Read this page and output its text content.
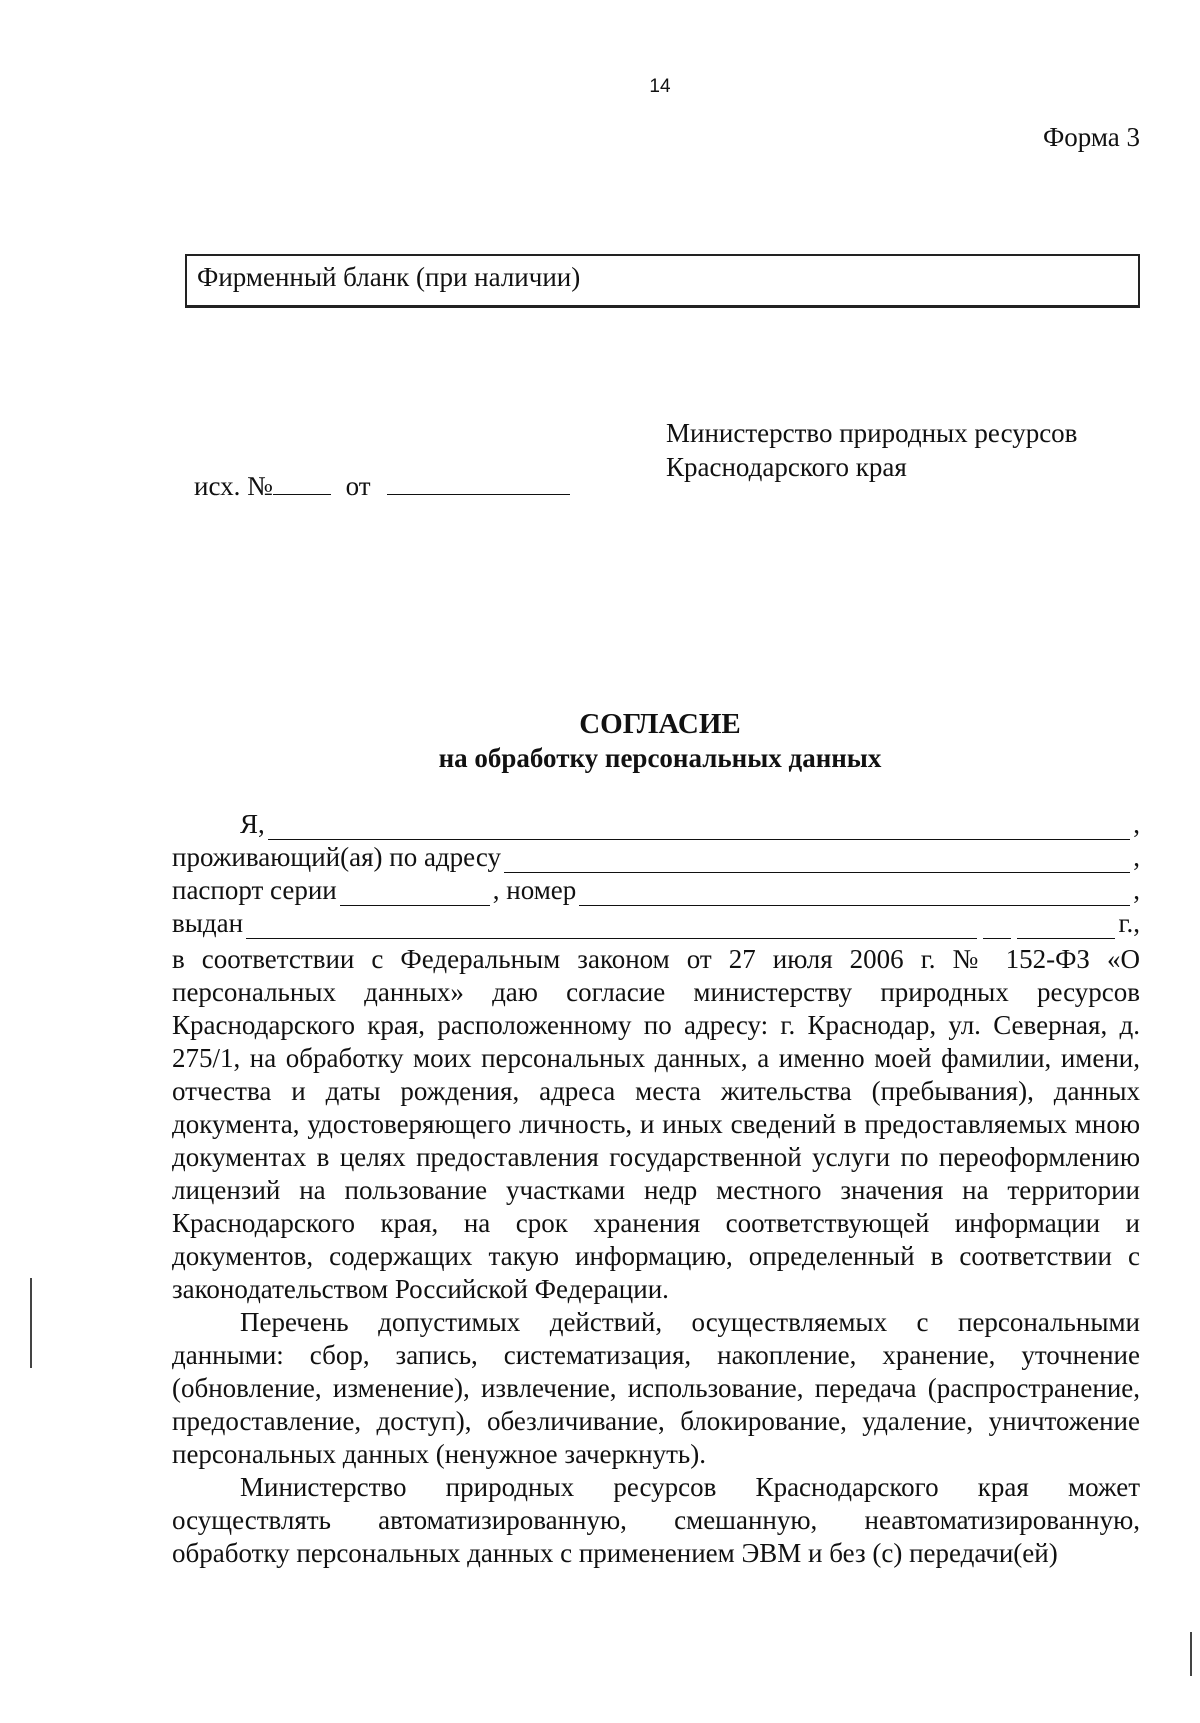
14
Форма 3
Фирменный бланк (при наличии)
Министерство природных ресурсов
Краснодарского края
исх. №	от
СОГЛАСИЕ
на обработку персональных данных
Я,	,
проживающий(ая) по адресу	,
паспорт серии	, номер	,
выдан	г.,

в соответствии с Федеральным законом от 27 июля 2006 г. № 152-ФЗ «О персональных данных» даю согласие министерству природных ресурсов Краснодарского края, расположенному по адресу: г. Краснодар, ул. Северная, д. 275/1, на обработку моих персональных данных, а именно моей фамилии, имени, отчества и даты рождения, адреса места жительства (пребывания), данных документа, удостоверяющего личность, и иных сведений в предоставляемых мною документах в целях предоставления государственной услуги по переоформлению лицензий на пользование участками недр местного значения на территории Краснодарского края, на срок хранения соответствующей информации и документов, содержащих такую информацию, определенный в соответствии с законодательством Российской Федерации.

Перечень допустимых действий, осуществляемых с персональными данными: сбор, запись, систематизация, накопление, хранение, уточнение (обновление, изменение), извлечение, использование, передача (распространение, предоставление, доступ), обезличивание, блокирование, удаление, уничтожение персональных данных (ненужное зачеркнуть).

Министерство природных ресурсов Краснодарского края может осуществлять автоматизированную, смешанную, неавтоматизированную, обработку персональных данных с применением ЭВМ и без (с) передачи(ей)
